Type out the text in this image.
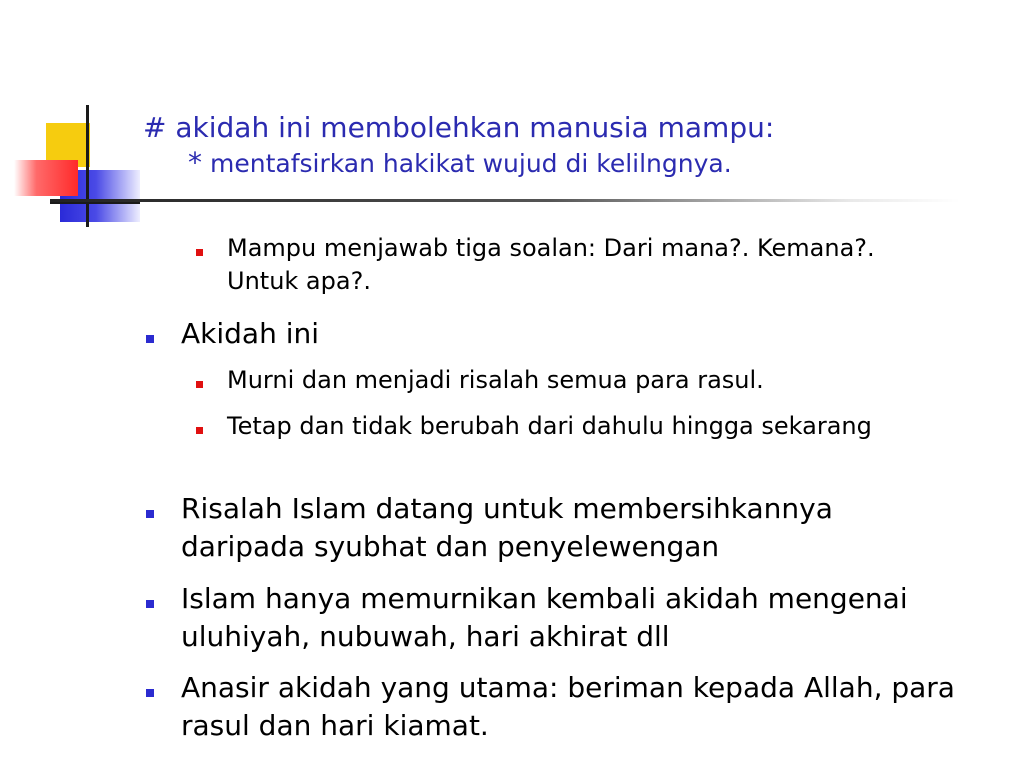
# akidah ini membolehkan manusia mampu:
* mentafsirkan hakikat wujud di kelilngnya.
Mampu menjawab tiga soalan: Dari mana?. Kemana?. Untuk apa?.
Akidah ini
Murni dan menjadi risalah semua para rasul.
Tetap dan tidak berubah dari dahulu hingga sekarang
Risalah Islam datang untuk membersihkannya daripada syubhat dan penyelewengan
Islam hanya memurnikan kembali akidah mengenai uluhiyah, nubuwah, hari akhirat dll
Anasir akidah yang utama: beriman kepada Allah, para rasul dan hari kiamat.
